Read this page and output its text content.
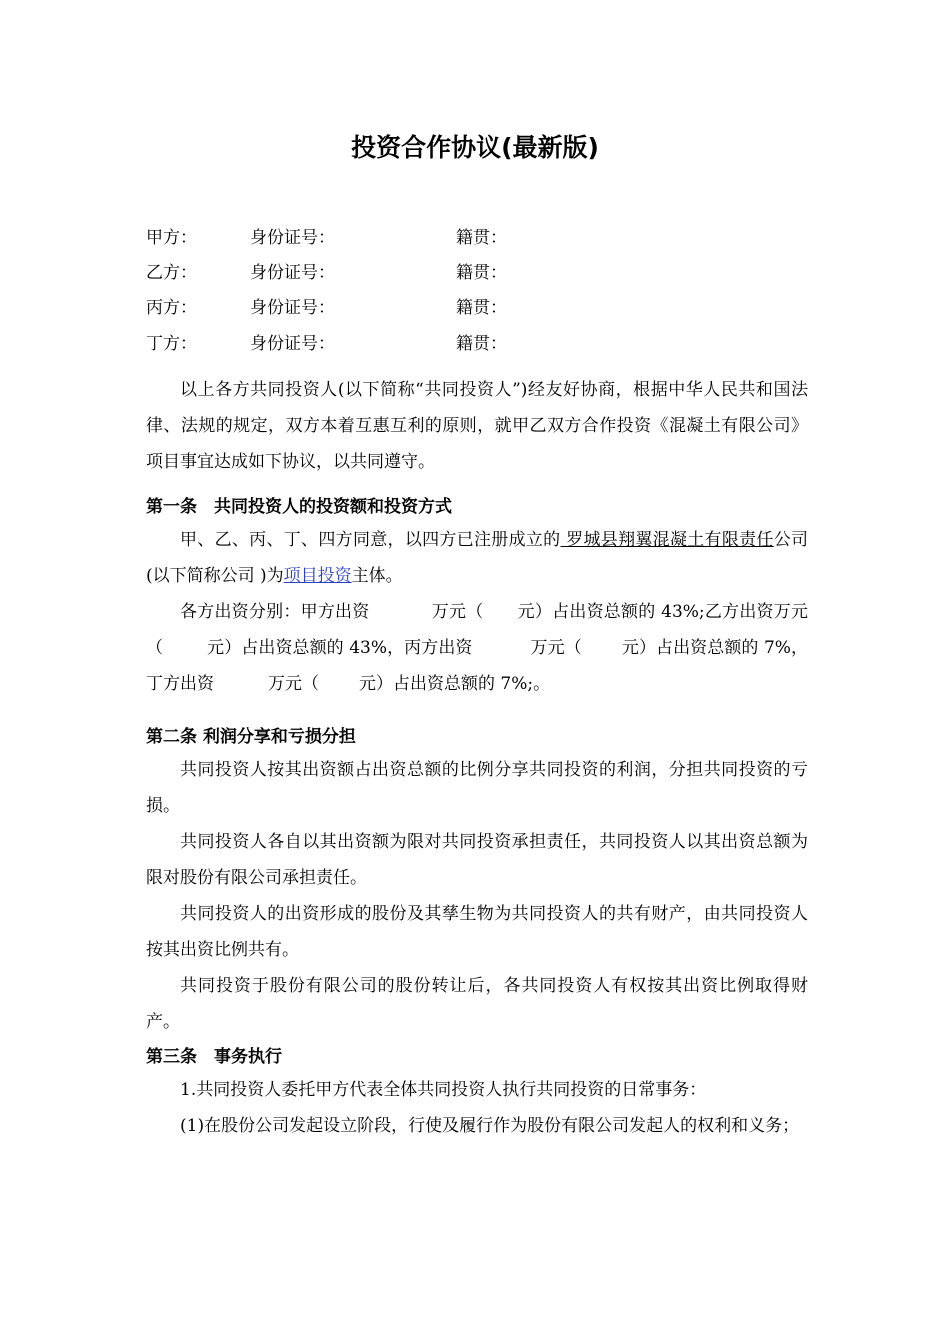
投资合作协议(最新版)
甲方：	身份证号：	籍贯：
乙方：	身份证号：	籍贯：
丙方：	身份证号：	籍贯：
丁方：	身份证号：	籍贯：

以上各方共同投资人(以下简称“共同投资人”)经友好协商，根据中华人民共和国法律、法规的规定，双方本着互惠互利的原则，就甲乙双方合作投资《混凝土有限公司》项目事宜达成如下协议，以共同遵守。

第一条　共同投资人的投资额和投资方式

甲、乙、丙、丁、四方同意，以四方已注册成立的 罗城县翔翼混凝土有限责任公司(以下简称公司 )为项目投资主体。

各方出资分别：甲方出资	万元（ 元）占出资总额的 43%;乙方出资万元（	元）占出资总额的 43%，丙方出资	万元（ 元）占出资总额的 7%，丁方出资	万元（ 元）占出资总额的 7%;。

第二条 利润分享和亏损分担

共同投资人按其出资额占出资总额的比例分享共同投资的利润，分担共同投资的亏损。

共同投资人各自以其出资额为限对共同投资承担责任，共同投资人以其出资总额为限对股份有限公司承担责任。

共同投资人的出资形成的股份及其孳生物为共同投资人的共有财产，由共同投资人按其出资比例共有。

共同投资于股份有限公司的股份转让后，各共同投资人有权按其出资比例取得财产。

第三条　事务执行

1.共同投资人委托甲方代表全体共同投资人执行共同投资的日常事务：

(1)在股份公司发起设立阶段，行使及履行作为股份有限公司发起人的权利和义务；
